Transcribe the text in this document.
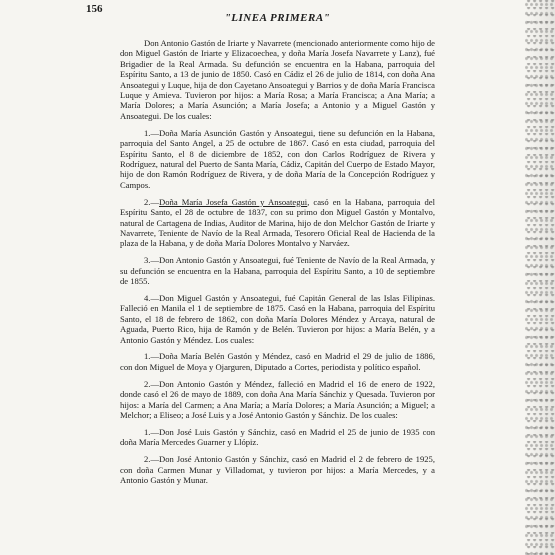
156
"LINEA PRIMERA"

Don Antonio Gastón de Iriarte y Navarrete (mencionado anteriormente como hijo de don Miguel Gastón de Iriarte y Elizacoechea, y doña María Josefa Navarrete y Lanz), fué Brigadier de la Real Armada. Su defunción se encuentra en la Habana, parroquia del Espíritu Santo, a 13 de junio de 1850. Casó en Cádiz el 26 de julio de 1814, con doña Ana Ansoategui y Luque, hija de don Cayetano Ansoategui y Barrios y de doña María Francisca Luque y Amieva. Tuvieron por hijos: a María Rosa; a María Francisca; a Ana María; a María Dolores; a María Asunción; a María Josefa; a Antonio y a Miguel Gastón y Ansoategui. De los cuales:

1.—Doña María Asunción Gastón y Ansoategui, tiene su defunción en la Habana, parroquia del Santo Angel, a 25 de octubre de 1867. Casó en esta ciudad, parroquia del Espíritu Santo, el 8 de diciembre de 1852, con don Carlos Rodríguez de Rivera y Rodríguez, natural del Puerto de Santa María, Cádiz, Capitán del Cuerpo de Estado Mayor, hijo de don Ramón Rodríguez de Rivera, y de doña María de la Concepción Rodríguez y Campos.

2.—Doña María Josefa Gastón y Ansoategui, casó en la Habana, parroquia del Espíritu Santo, el 28 de octubre de 1837, con su primo don Miguel Gastón y Montalvo, natural de Cartagena de Indias, Auditor de Marina, hijo de don Melchor Gastón de Iriarte y Navarrete, Teniente de Navío de la Real Armada, Tesorero Oficial Real de Hacienda de la plaza de la Habana, y de doña María Dolores Montalvo y Narváez.

3.—Don Antonio Gastón y Ansoategui, fué Teniente de Navío de la Real Armada, y su defunción se encuentra en la Habana, parroquia del Espíritu Santo, a 10 de septiembre de 1855.

4.—Don Miguel Gastón y Ansoategui, fué Capitán General de las Islas Filipinas. Falleció en Manila el 1 de septiembre de 1875. Casó en la Habana, parroquia del Espíritu Santo, el 18 de febrero de 1862, con doña María Dolores Méndez y Arcaya, natural de Aguada, Puerto Rico, hija de Ramón y de Belén. Tuvieron por hijos: a María Belén, y a Antonio Gastón y Méndez. Los cuales:

1.—Doña María Belén Gastón y Méndez, casó en Madrid el 29 de julio de 1886, con don Miguel de Moya y Ojarguren, Diputado a Cortes, periodista y político español.

2.—Don Antonio Gastón y Méndez, falleció en Madrid el 16 de enero de 1922, donde casó el 26 de mayo de 1889, con doña Ana María Sánchiz y Quesada. Tuvieron por hijos: a María del Carmen; a Ana María; a María Dolores; a María Asunción; a Miguel; a Melchor; a Eliseo; a José Luis y a José Antonio Gastón y Sánchiz. De los cuales:

1.—Don José Luis Gastón y Sánchiz, casó en Madrid el 25 de junio de 1935 con doña María Mercedes Guarner y Llópiz.

2.—Don José Antonio Gastón y Sánchiz, casó en Madrid el 2 de febrero de 1925, con doña Carmen Munar y Villadomat, y tuvieron por hijos: a María Mercedes, y a Antonio Gastón y Munar.
